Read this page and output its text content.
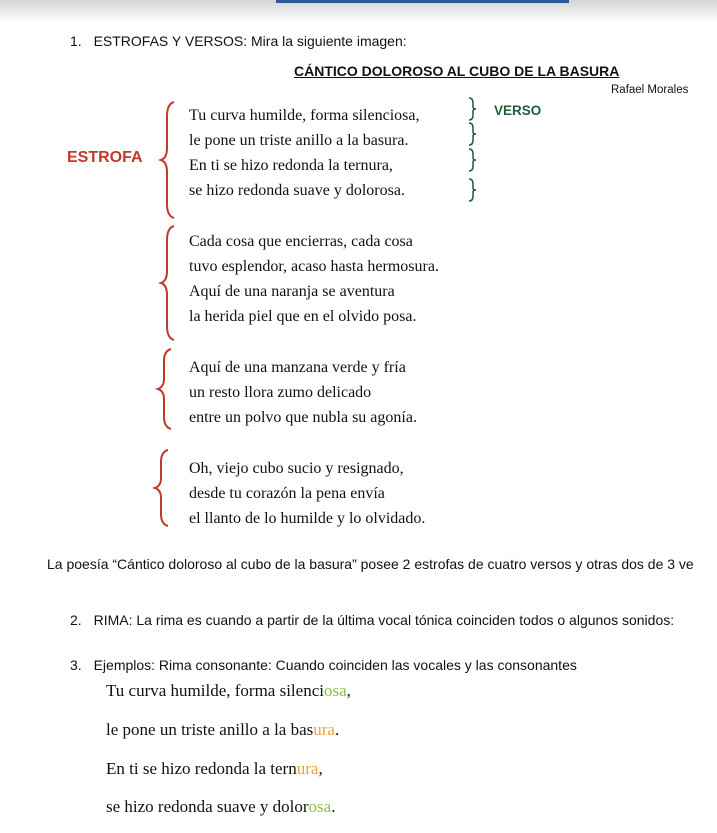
1. ESTROFAS Y VERSOS: Mira la siguiente imagen:
CÁNTICO DOLOROSO AL CUBO DE LA BASURA
Rafael Morales
ESTROFA
VERSO
Tu curva humilde, forma silenciosa,
le pone un triste anillo a la basura.
En ti se hizo redonda la ternura,
se hizo redonda suave y dolorosa.
Cada cosa que encierras, cada cosa
tuvo esplendor, acaso hasta hermosura.
Aquí de una naranja se aventura
la herida piel que en el olvido posa.
Aquí de una manzana verde y fría
un resto llora zumo delicado
entre un polvo que nubla su agonía.
Oh, viejo cubo sucio y resignado,
desde tu corazón la pena envía
el llanto de lo humilde y lo olvidado.
La poesía “Cántico doloroso al cubo de la basura” posee 2 estrofas de cuatro versos y otras dos de 3 ve
2. RIMA: La rima es cuando a partir de la última vocal tónica coinciden todos o algunos sonidos:
3. Ejemplos: Rima consonante: Cuando coinciden las vocales y las consonantes
Tu curva humilde, forma silenciosa,
le pone un triste anillo a la basura.
En ti se hizo redonda la ternura,
se hizo redonda suave y dolorosa.
